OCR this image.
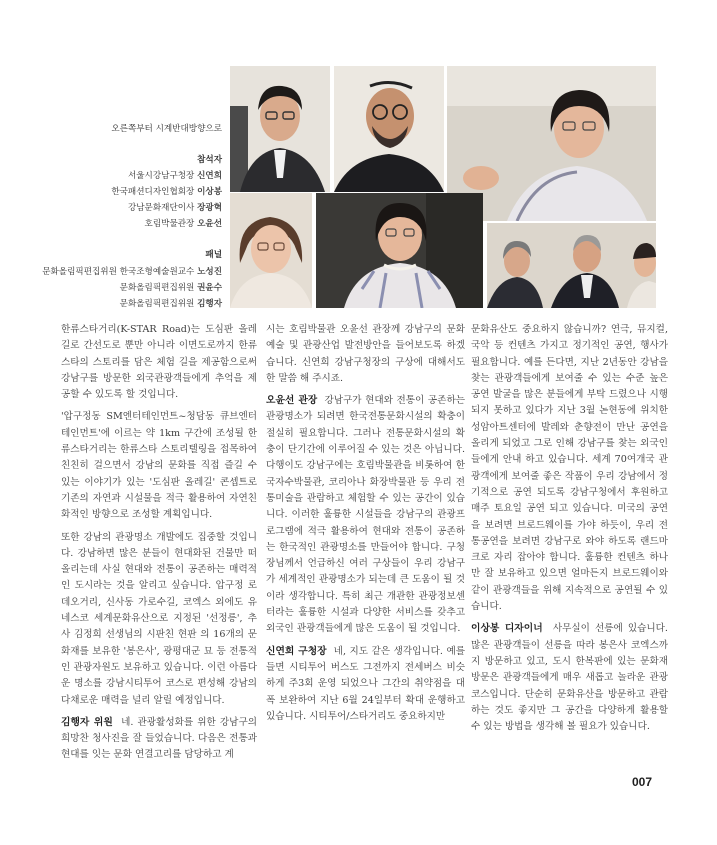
오른쪽부터 시계반대방향으로
참석자
서울시강남구청장 신연희
한국패션디자인협회장 이상봉
강남문화재단이사 장광혁
호림박물관장 오윤선
패널
문화올림픽편집위원 한국조형예술원교수 노성진
문화올림픽편집위원 권윤수
문화올림픽편집위원 김행자

한류스타거리(K-STAR Road)는 도심판 올레길로 간선도로 뿐만 아니라 이면도로까지 한류스타의 스토리를 담은 체험 길을 제공함으로써 강남구를 방문한 외국관광객들에게 추억을 제공할 수 있도록 할 것입니다.

'압구정동 SM엔터테인먼트~청담동 큐브엔터테인먼트'에 이르는 약 1km 구간에 조성될 한류스타거리는 한류스타 스토리텔링을 접목하여 친친히 걸으면서 강남의 문화를 직접 즐길 수 있는 이야기가 있는 '도심판 올레길' 콘셉트로 기존의 자연과 시설물을 적극 활용하여 자연친화적인 방향으로 조성할 계획입니다.

또한 강남의 관광명소 개발에도 집중할 것입니다. 강남하면 많은 분들이 현대화된 건물만 떠올리는데 사실 현대와 전통이 공존하는 매력적인 도시라는 것을 알리고 싶습니다. 압구정 로데오거리, 신사동 가로수길, 코엑스 외에도 유네스코 세계문화유산으로 지정된 '선정릉', 추사 김정희 선생님의 시판친 현판 의 16개의 문화재를 보유한 '봉은사', 광평대군 묘 등 전통적인 관광자원도 보유하고 있습니다. 이런 아름다운 명소를 강남시티투어 코스로 편성해 강남의 다채로운 매력을 널리 알릴 예정입니다.

김행자 위원 네. 관광활성화를 위한 강남구의 희망찬 청사진을 잘 들었습니다. 다음은 전통과 현대를 잇는 문화 연결고리를 담당하고 계

시는 호림박물관 오윤선 관장께 강남구의 문화예술 및 관광산업 발전방안을 들어보도록 하겠습니다. 신연희 강남구청장의 구상에 대해서도 한 말씀 해 주시죠.

오윤선 관장 강남구가 현대와 전통이 공존하는 관광명소가 되려면 한국전통문화시설의 확충이 절실히 필요합니다. 그러나 전통문화시설의 확충이 단기간에 이루어질 수 있는 것은 아닙니다. 다행이도 강남구에는 호림박물관을 비롯하여 한국자수박물관, 코리아나 화장박물관 등 우리 전통미술을 관람하고 체험할 수 있는 공간이 있습니다. 이러한 훌륭한 시설들을 강남구의 관광프로그램에 적극 활용하여 현대와 전통이 공존하는 한국적인 관광명소를 만들어야 합니다. 구청장님께서 언급하신 여러 구상들이 우리 강남구가 세계적인 관광명소가 되는데 큰 도움이 될 것이라 생각합니다. 특히 최근 개관한 관광정보센터라는 훌륭한 시설과 다양한 서비스를 갖추고 외국인 관광객들에게 많은 도움이 될 것입니다.

신연희 구청장 네, 지도 같은 생각입니다. 예를 들면 시티투어 버스도 그전까지 전세버스 비슷하게 주3회 운영 되었으나 그간의 취약점을 대폭 보완하여 지난 6월 24일부터 확대 운행하고 있습니다. 시티투어/스타거리도 중요하지만

문화유산도 중요하지 않습니까? 연극, 뮤지컬, 국악 등 컨텐츠 가지고 정기적인 공연, 행사가 필요합니다. 예를 든다면, 지난 2년동안 강남을 찾는 관광객들에게 보여줄 수 있는 수준 높은 공연 발굴을 많은 분들에게 부탁 드렸으나 시행되지 못하고 있다가 지난 3월 논현동에 위치한 성암아트센터에 발레와 춘향전이 만난 공연을 올리게 되었고 그로 인해 강남구를 찾는 외국인들에게 안내 하고 있습니다. 세계 70여개국 관광객에게 보여줄 좋은 작품이 우리 강남에서 정기적으로 공연 되도록 강남구청에서 후원하고 매주 토요일 공연 되고 있습니다. 미국의 공연을 보려면 브로드웨이를 가야 하듯이, 우리 전통공연을 보려면 강남구로 와야 하도록 랜드마크로 자리 잡아야 합니다. 훌륭한 컨텐츠 하나만 잘 보유하고 있으면 얼마든지 브로드웨이와 같이 관광객들을 위해 지속적으로 공연될 수 있습니다.

이상봉 디자이너 사무실이 선릉에 있습니다. 많은 관광객들이 선릉을 따라 봉은사 코엑스까지 방문하고 있고, 도시 한복판에 있는 문화재방문은 관광객들에게 매우 새롭고 놀라운 관광코스입니다. 단순히 문화유산을 방문하고 관람하는 것도 좋지만 그 공간을 다양하게 활용할 수 있는 방법을 생각해 볼 필요가 있습니다.

007
